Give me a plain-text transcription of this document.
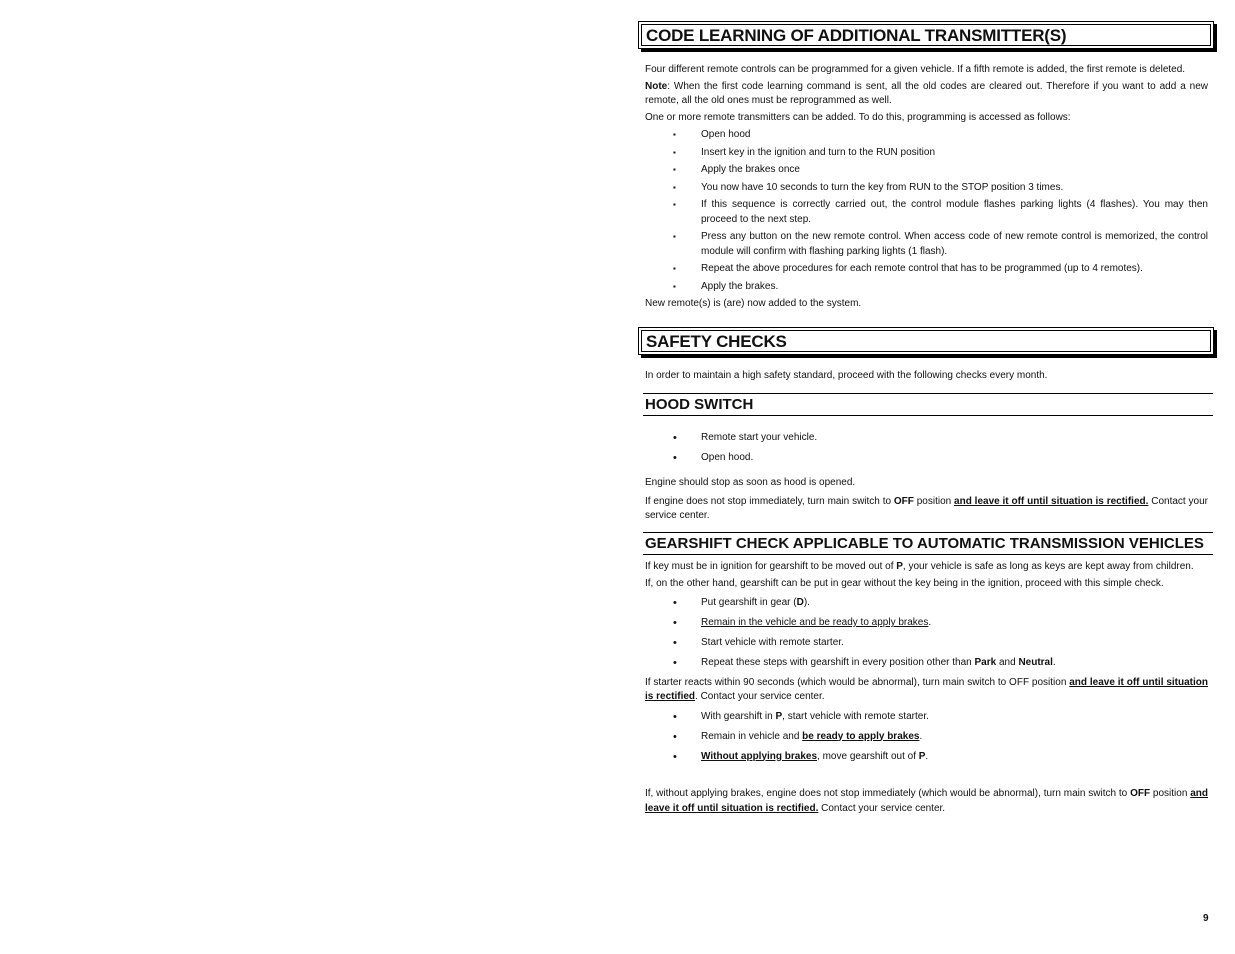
CODE LEARNING OF ADDITIONAL TRANSMITTER(S)

Four different remote controls can be programmed for a given vehicle. If a fifth remote is added, the first remote is deleted.

Note: When the first code learning command is sent, all the old codes are cleared out. Therefore if you want to add a new remote, all the old ones must be reprogrammed as well.

One or more remote transmitters can be added. To do this, programming is accessed as follows:

▪	Open hood
▪	Insert key in the ignition and turn to the RUN position
▪	Apply the brakes once
▪	You now have 10 seconds to turn the key from RUN to the STOP position 3 times.
▪	If this sequence is correctly carried out, the control module flashes parking lights (4 flashes). You may then proceed to the next step.
▪	Press any button on the new remote control. When access code of new remote control is memorized, the control module will confirm with flashing parking lights (1 flash).
▪	Repeat the above procedures for each remote control that has to be programmed (up to 4 remotes).
▪	Apply the brakes.

New remote(s) is (are) now added to the system.

SAFETY CHECKS

In order to maintain a high safety standard, proceed with the following checks every month.

HOOD SWITCH
• Remote start your vehicle.
• Open hood.

Engine should stop as soon as hood is opened.

If engine does not stop immediately, turn main switch to OFF position and leave it off until situation is rectified. Contact your service center.

GEARSHIFT CHECK APPLICABLE TO AUTOMATIC TRANSMISSION VEHICLES

If key must be in ignition for gearshift to be moved out of P, your vehicle is safe as long as keys are kept away from children.

If, on the other hand, gearshift can be put in gear without the key being in the ignition, proceed with this simple check.

• Put gearshift in gear (D).
• Remain in the vehicle and be ready to apply brakes.
• Start vehicle with remote starter.
• Repeat these steps with gearshift in every position other than Park and Neutral.

If starter reacts within 90 seconds (which would be abnormal), turn main switch to OFF position and leave it off until situation is rectified. Contact your service center.

• With gearshift in P, start vehicle with remote starter.
• Remain in vehicle and be ready to apply brakes.
• Without applying brakes, move gearshift out of P.

If, without applying brakes, engine does not stop immediately (which would be abnormal), turn main switch to OFF position and leave it off until situation is rectified. Contact your service center.

9
